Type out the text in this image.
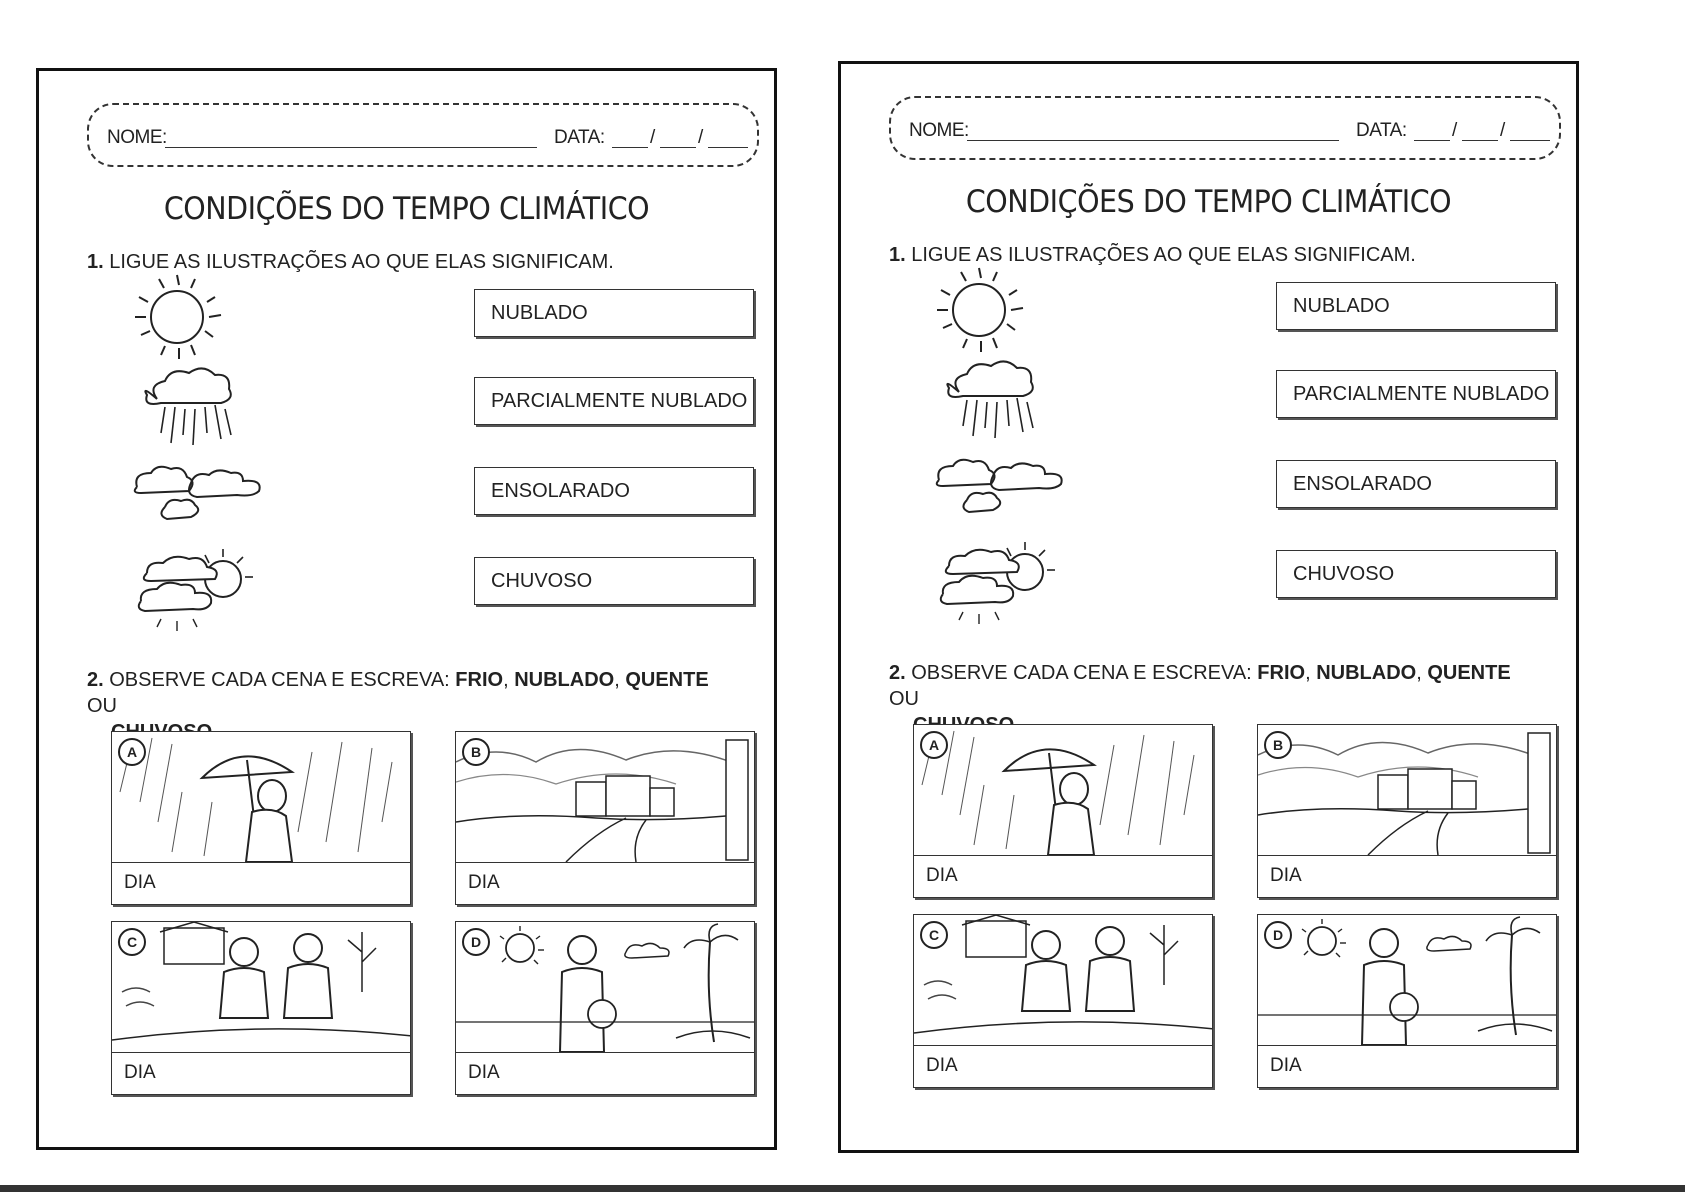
NOME:	DATA: / /
CONDIÇÕES DO TEMPO CLIMÁTICO
1. LIGUE AS ILUSTRAÇÕES AO QUE ELAS SIGNIFICAM.
NUBLADO
PARCIALMENTE NUBLADO
ENSOLARADO
CHUVOSO
2. OBSERVE CADA CENA E ESCREVA: FRIO, NUBLADO, QUENTE OU

A
DIA
B
DIA
C
DIA
D
DIA
NOME:	DATA: / /
CONDIÇÕES DO TEMPO CLIMÁTICO
1. LIGUE AS ILUSTRAÇÕES AO QUE ELAS SIGNIFICAM.
NUBLADO
PARCIALMENTE NUBLADO
ENSOLARADO
CHUVOSO
2. OBSERVE CADA CENA E ESCREVA: FRIO, NUBLADO, QUENTE OU

A
DIA
B
DIA
C
DIA
D
DIA
